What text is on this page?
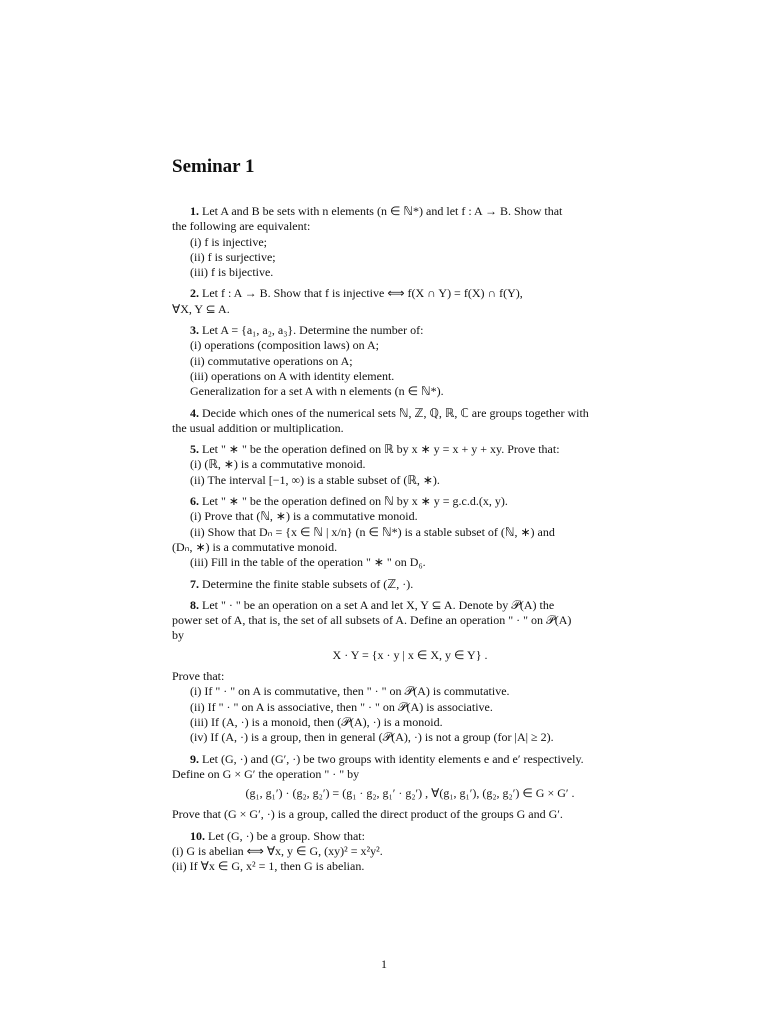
Seminar 1
1. Let A and B be sets with n elements (n ∈ ℕ*) and let f : A → B. Show that
the following are equivalent:
(i) f is injective;
(ii) f is surjective;
(iii) f is bijective.
2. Let f : A → B. Show that f is injective ⟺ f(X ∩ Y) = f(X) ∩ f(Y),
∀X, Y ⊆ A.
3. Let A = {a₁, a₂, a₃}. Determine the number of:
(i) operations (composition laws) on A;
(ii) commutative operations on A;
(iii) operations on A with identity element.
Generalization for a set A with n elements (n ∈ ℕ*).
4. Decide which ones of the numerical sets ℕ, ℤ, ℚ, ℝ, ℂ are groups together with
the usual addition or multiplication.
5. Let " ∗ " be the operation defined on ℝ by x ∗ y = x + y + xy. Prove that:
(i) (ℝ, ∗) is a commutative monoid.
(ii) The interval [−1, ∞) is a stable subset of (ℝ, ∗).
6. Let " ∗ " be the operation defined on ℕ by x ∗ y = g.c.d.(x, y).
(i) Prove that (ℕ, ∗) is a commutative monoid.
(ii) Show that Dₙ = {x ∈ ℕ | x/n} (n ∈ ℕ*) is a stable subset of (ℕ, ∗) and
(Dₙ, ∗) is a commutative monoid.
(iii) Fill in the table of the operation " ∗ " on D₆.
7. Determine the finite stable subsets of (ℤ, ·).
8. Let " · " be an operation on a set A and let X, Y ⊆ A. Denote by 𝒫(A) the
power set of A, that is, the set of all subsets of A. Define an operation " · " on 𝒫(A)
by
X · Y = {x · y | x ∈ X, y ∈ Y} .
Prove that:
(i) If " · " on A is commutative, then " · " on 𝒫(A) is commutative.
(ii) If " · " on A is associative, then " · " on 𝒫(A) is associative.
(iii) If (A, ·) is a monoid, then (𝒫(A), ·) is a monoid.
(iv) If (A, ·) is a group, then in general (𝒫(A), ·) is not a group (for |A| ≥ 2).
9. Let (G, ·) and (G′, ·) be two groups with identity elements e and e′ respectively.
Define on G × G′ the operation " · " by
(g₁, g₁′) · (g₂, g₂′) = (g₁ · g₂, g₁′ · g₂′) , ∀(g₁, g₁′), (g₂, g₂′) ∈ G × G′ .
Prove that (G × G′, ·) is a group, called the direct product of the groups G and G′.
10. Let (G, ·) be a group. Show that:
(i) G is abelian ⟺ ∀x, y ∈ G, (xy)² = x²y².
(ii) If ∀x ∈ G, x² = 1, then G is abelian.
1
